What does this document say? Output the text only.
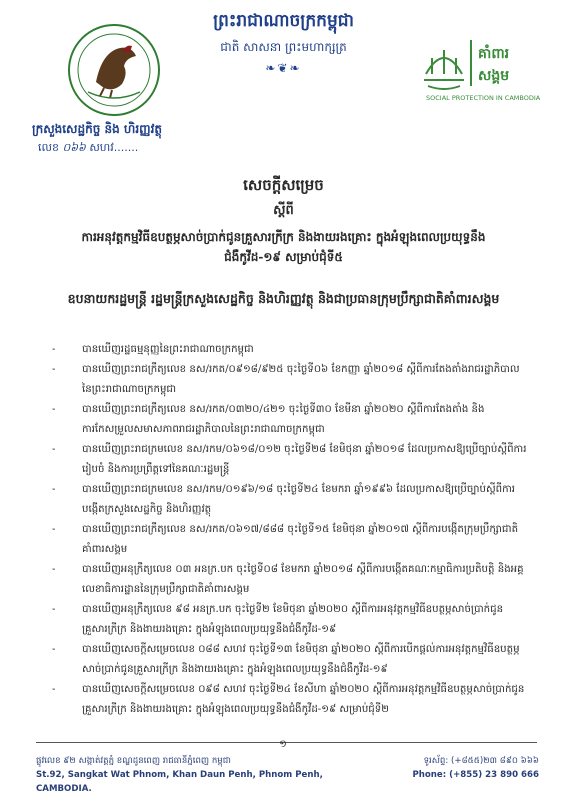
ព្រះរាជាណាចក្រកម្ពុជា
ជាតិ សាសនា ព្រះមហាក្សត្រ
❧❦❧
គាំពារ
សង្គម
SOCIAL PROTECTION IN CAMBODIA
ក្រសួងសេដ្ឋកិច្ច និង ហិរញ្ញវត្ថុ
លេខ ០៦៦ សហវ.......
សេចក្តីសម្រេច
ស្តីពី
ការអនុវត្តកម្មវិធីឧបត្ថម្ភសាច់ប្រាក់ជូនគ្រួសារក្រីក្រ និងងាយរងគ្រោះ ក្នុងអំឡុងពេលប្រយុទ្ធនឹងជំងឺកូវីដ-១៩ សម្រាប់ជុំទី៥
ឧបនាយករដ្ឋមន្ត្រី រដ្ឋមន្ត្រីក្រសួងសេដ្ឋកិច្ច និងហិរញ្ញវត្ថុ និងជាប្រធានក្រុមប្រឹក្សាជាតិគាំពារសង្គម
-	បានឃើញរដ្ឋធម្មនុញ្ញនៃព្រះរាជាណាចក្រកម្ពុជា
-	បានឃើញព្រះរាជក្រឹត្យលេខ នស/រកត/០៩១៨/៩២៥ ចុះថ្ងៃទី០៦ ខែកញ្ញា ឆ្នាំ២០១៨ ស្តីពីការតែងតាំងរាជរដ្ឋាភិបាលនៃព្រះរាជាណាចក្រកម្ពុជា
-	បានឃើញព្រះរាជក្រឹត្យលេខ នស/រកត/០៣២០/៤២១ ចុះថ្ងៃទី៣០ ខែមីនា ឆ្នាំ២០២០ ស្តីពីការតែងតាំង និងការកែសម្រួលសមាសភាពរាជរដ្ឋាភិបាលនៃព្រះរាជាណាចក្រកម្ពុជា
-	បានឃើញព្រះរាជក្រមលេខ នស/រកម/០៦១៨/០១២ ចុះថ្ងៃទី២៨ ខែមិថុនា ឆ្នាំ២០១៨ ដែលប្រកាសឱ្យប្រើច្បាប់ស្តីពីការរៀបចំ និងការប្រព្រឹត្តទៅនៃគណៈរដ្ឋមន្ត្រី
-	បានឃើញព្រះរាជក្រមលេខ នស/រកម/០១៩៦/១៨ ចុះថ្ងៃទី២៤ ខែមករា ឆ្នាំ១៩៩៦ ដែលប្រកាសឱ្យប្រើច្បាប់ស្តីពីការបង្កើតក្រសួងសេដ្ឋកិច្ច និងហិរញ្ញវត្ថុ
-	បានឃើញព្រះរាជក្រឹត្យលេខ នស/រកត/០៦១៧/៨៨៨ ចុះថ្ងៃទី១៥ ខែមិថុនា ឆ្នាំ២០១៧ ស្តីពីការបង្កើតក្រុមប្រឹក្សាជាតិគាំពារសង្គម
-	បានឃើញអនុក្រឹត្យលេខ ០៣ អនក្រ.បក ចុះថ្ងៃទី០៨ ខែមករា ឆ្នាំ២០១៨ ស្តីពីការបង្កើតគណៈកម្មាធិការប្រតិបត្តិ និងអគ្គលេខាធិការដ្ឋាននៃក្រុមប្រឹក្សាជាតិគាំពារសង្គម
-	បានឃើញអនុក្រឹត្យលេខ ៩៨ អនក្រ.បក ចុះថ្ងៃទី២ ខែមិថុនា ឆ្នាំ២០២០ ស្តីពីការអនុវត្តកម្មវិធីឧបត្ថម្ភសាច់ប្រាក់ជូនគ្រួសារក្រីក្រ និងងាយរងគ្រោះ ក្នុងអំឡុងពេលប្រយុទ្ធនឹងជំងឺកូវីដ-១៩
-	បានឃើញសេចក្តីសម្រេចលេខ ០៨៨ សហវ ចុះថ្ងៃទី១៣ ខែមិថុនា ឆ្នាំ២០២០ ស្តីពីការបើកផ្តល់ការអនុវត្តកម្មវិធីឧបត្ថម្ភសាច់ប្រាក់ជូនគ្រួសារក្រីក្រ និងងាយរងគ្រោះ ក្នុងអំឡុងពេលប្រយុទ្ធនឹងជំងឺកូវីដ-១៩
-	បានឃើញសេចក្តីសម្រេចលេខ ០៩៨ សហវ ចុះថ្ងៃទី២៤ ខែសីហា ឆ្នាំ២០២០ ស្តីពីការអនុវត្តកម្មវិធីឧបត្ថម្ភសាច់ប្រាក់ជូនគ្រួសារក្រីក្រ និងងាយរងគ្រោះ ក្នុងអំឡុងពេលប្រយុទ្ធនឹងជំងឺកូវីដ-១៩ សម្រាប់ជុំទី២
១
ផ្លូវលេខ ៩២ សង្កាត់វត្តភ្នំ ខណ្ឌដូនពេញ រាជធានីភ្នំពេញ កម្ពុជា
St.92, Sangkat Wat Phnom, Khan Daun Penh, Phnom Penh, CAMBODIA.
ទូរស័ព្ទ: (+៨៥៥)២៣ ៨៩០ ៦៦៦
Phone: (+855) 23 890 666
